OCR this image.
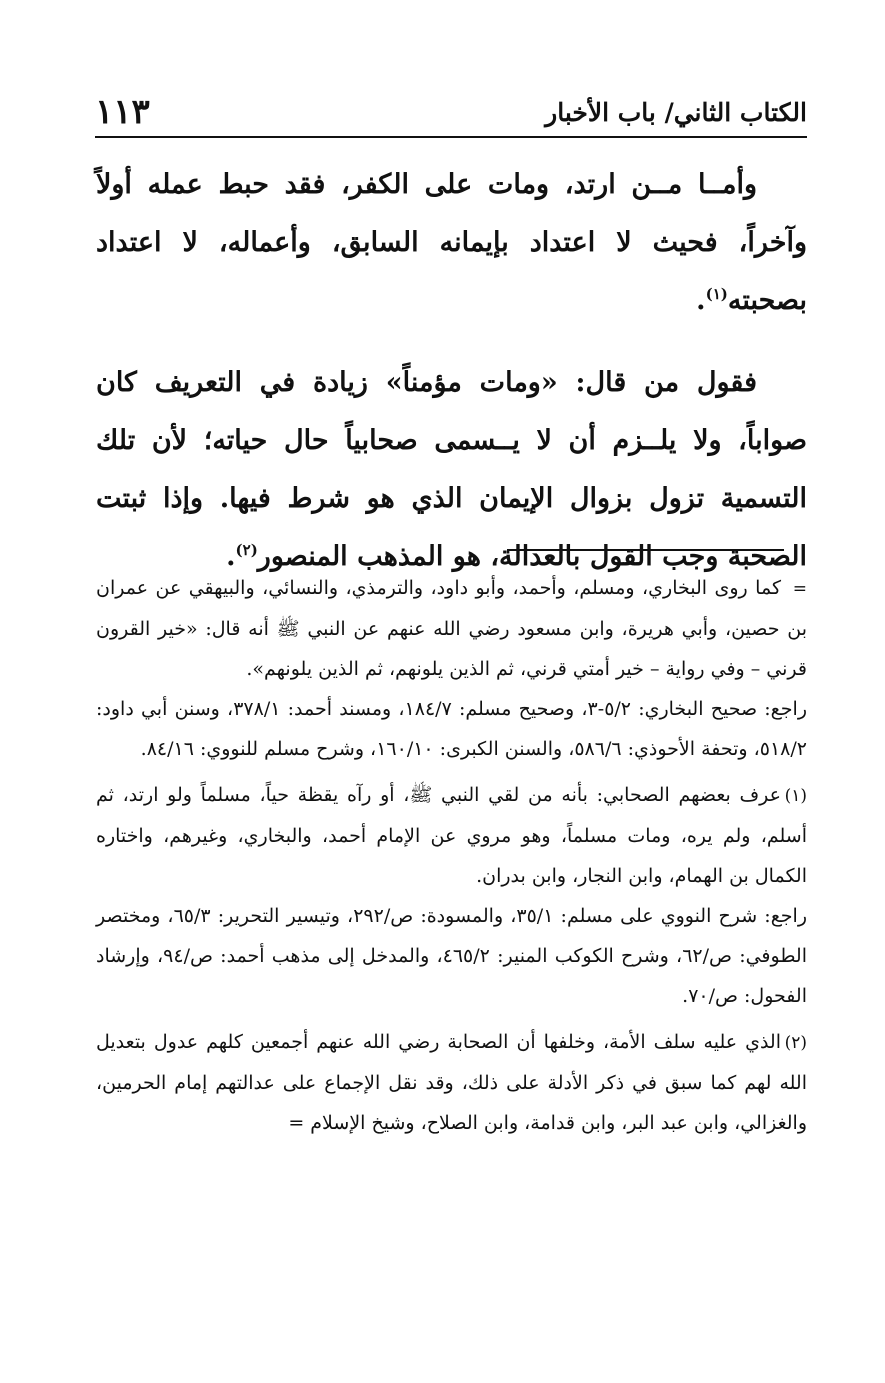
الكتاب الثاني/ باب الأخبار
١١٣

وأمــا مــن ارتد، ومات على الكفر، فقد حبط عمله أولاً وآخراً، فحيث لا اعتداد بإيمانه السابق، وأعماله، لا اعتداد بصحبته$^{(١)}$.

فقول من قال: «ومات مؤمناً» زيادة في التعريف كان صواباً، ولا يلــزم أن لا يــسمى صحابياً حال حياته؛ لأن تلك التسمية تزول بزوال الإيمان الذي هو شرط فيها. وإذا ثبتت الصحبة وجب القول بالعدالة، هو المذهب المنصور$^{(٢)}$.

=كما روى البخاري، ومسلم، وأحمد، وأبو داود، والترمذي، والنسائي، والبيهقي عن عمران بن حصين، وأبي هريرة، وابن مسعود رضي الله عنهم عن النبي ﷺ أنه قال: «خير القرون قرني – وفي رواية – خير أمتي قرني، ثم الذين يلونهم، ثم الذين يلونهم».
راجع: صحيح البخاري: ٥/٢-٣، وصحيح مسلم: ١٨٤/٧، ومسند أحمد: ٣٧٨/١، وسنن أبي داود: ٥١٨/٢، وتحفة الأحوذي: ٥٨٦/٦، والسنن الكبرى: ١٦٠/١٠، وشرح مسلم للنووي: ٨٤/١٦.
(١)عرف بعضهم الصحابي: بأنه من لقي النبي ﷺ، أو رآه يقظة حياً، مسلماً ولو ارتد، ثم أسلم، ولم يره، ومات مسلماً، وهو مروي عن الإمام أحمد، والبخاري، وغيرهم، واختاره الكمال بن الهمام، وابن النجار، وابن بدران.
راجع: شرح النووي على مسلم: ٣٥/١، والمسودة: ص/٢٩٢، وتيسير التحرير: ٦٥/٣، ومختصر الطوفي: ص/٦٢، وشرح الكوكب المنير: ٤٦٥/٢، والمدخل إلى مذهب أحمد: ص/٩٤، وإرشاد الفحول: ص/٧٠.
(٢)الذي عليه سلف الأمة، وخلفها أن الصحابة رضي الله عنهم أجمعين كلهم عدول بتعديل الله لهم كما سبق في ذكر الأدلة على ذلك، وقد نقل الإجماع على عدالتهم إمام الحرمين، والغزالي، وابن عبد البر، وابن قدامة، وابن الصلاح، وشيخ الإسلام =
